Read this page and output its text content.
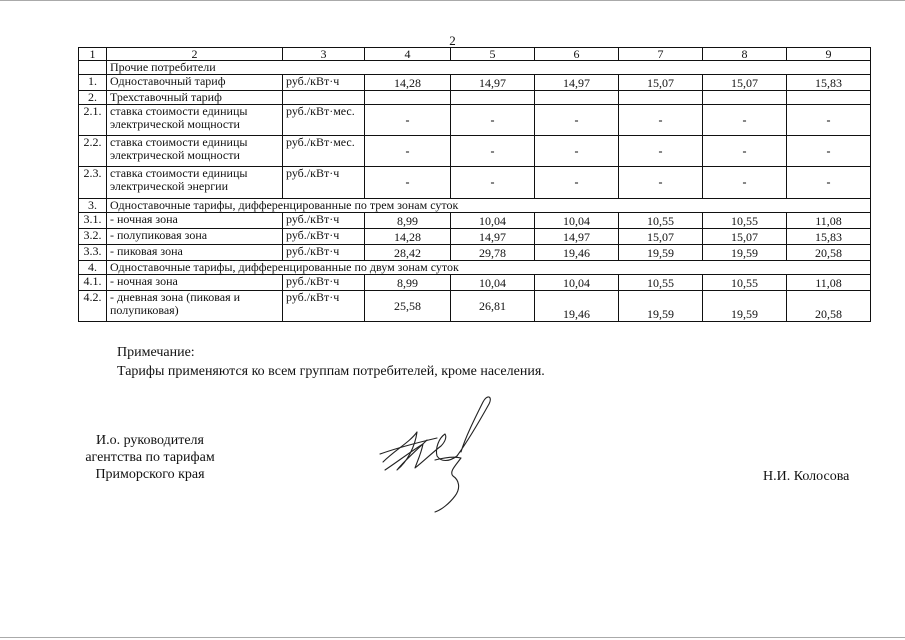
2
1	2	3	4	5	6	7	8	9
	Прочие потребители							
1.	Одноставочный тариф	руб./кВт·ч	14,28	14,97	14,97	15,07	15,07	15,83
2.	Трехставочный тариф							
2.1.	ставка стоимости единицы электрической мощности	руб./кВт·мес.	-	-	-	-	-	-
2.2.	ставка стоимости единицы электрической мощности	руб./кВт·мес.	-	-	-	-	-	-
2.3.	ставка стоимости единицы электрической энергии	руб./кВт·ч	-	-	-	-	-	-
3.	Одноставочные тарифы, дифференцированные по трем зонам суток							
3.1.	- ночная зона	руб./кВт·ч	8,99	10,04	10,04	10,55	10,55	11,08
3.2.	- полупиковая зона	руб./кВт·ч	14,28	14,97	14,97	15,07	15,07	15,83
3.3.	- пиковая зона	руб./кВт·ч	28,42	29,78	19,46	19,59	19,59	20,58
4.	Одноставочные тарифы, дифференцированные по двум зонам суток							
4.1.	- ночная зона	руб./кВт·ч	8,99	10,04	10,04	10,55	10,55	11,08
4.2.	- дневная зона (пиковая и полупиковая)	руб./кВт·ч	25,58	26,81	19,46	19,59	19,59	20,58
Примечание:
Тарифы применяются ко всем группам потребителей, кроме населения.
И.о. руководителя
агентства по тарифам
Приморского края	Н.И. Колосова
